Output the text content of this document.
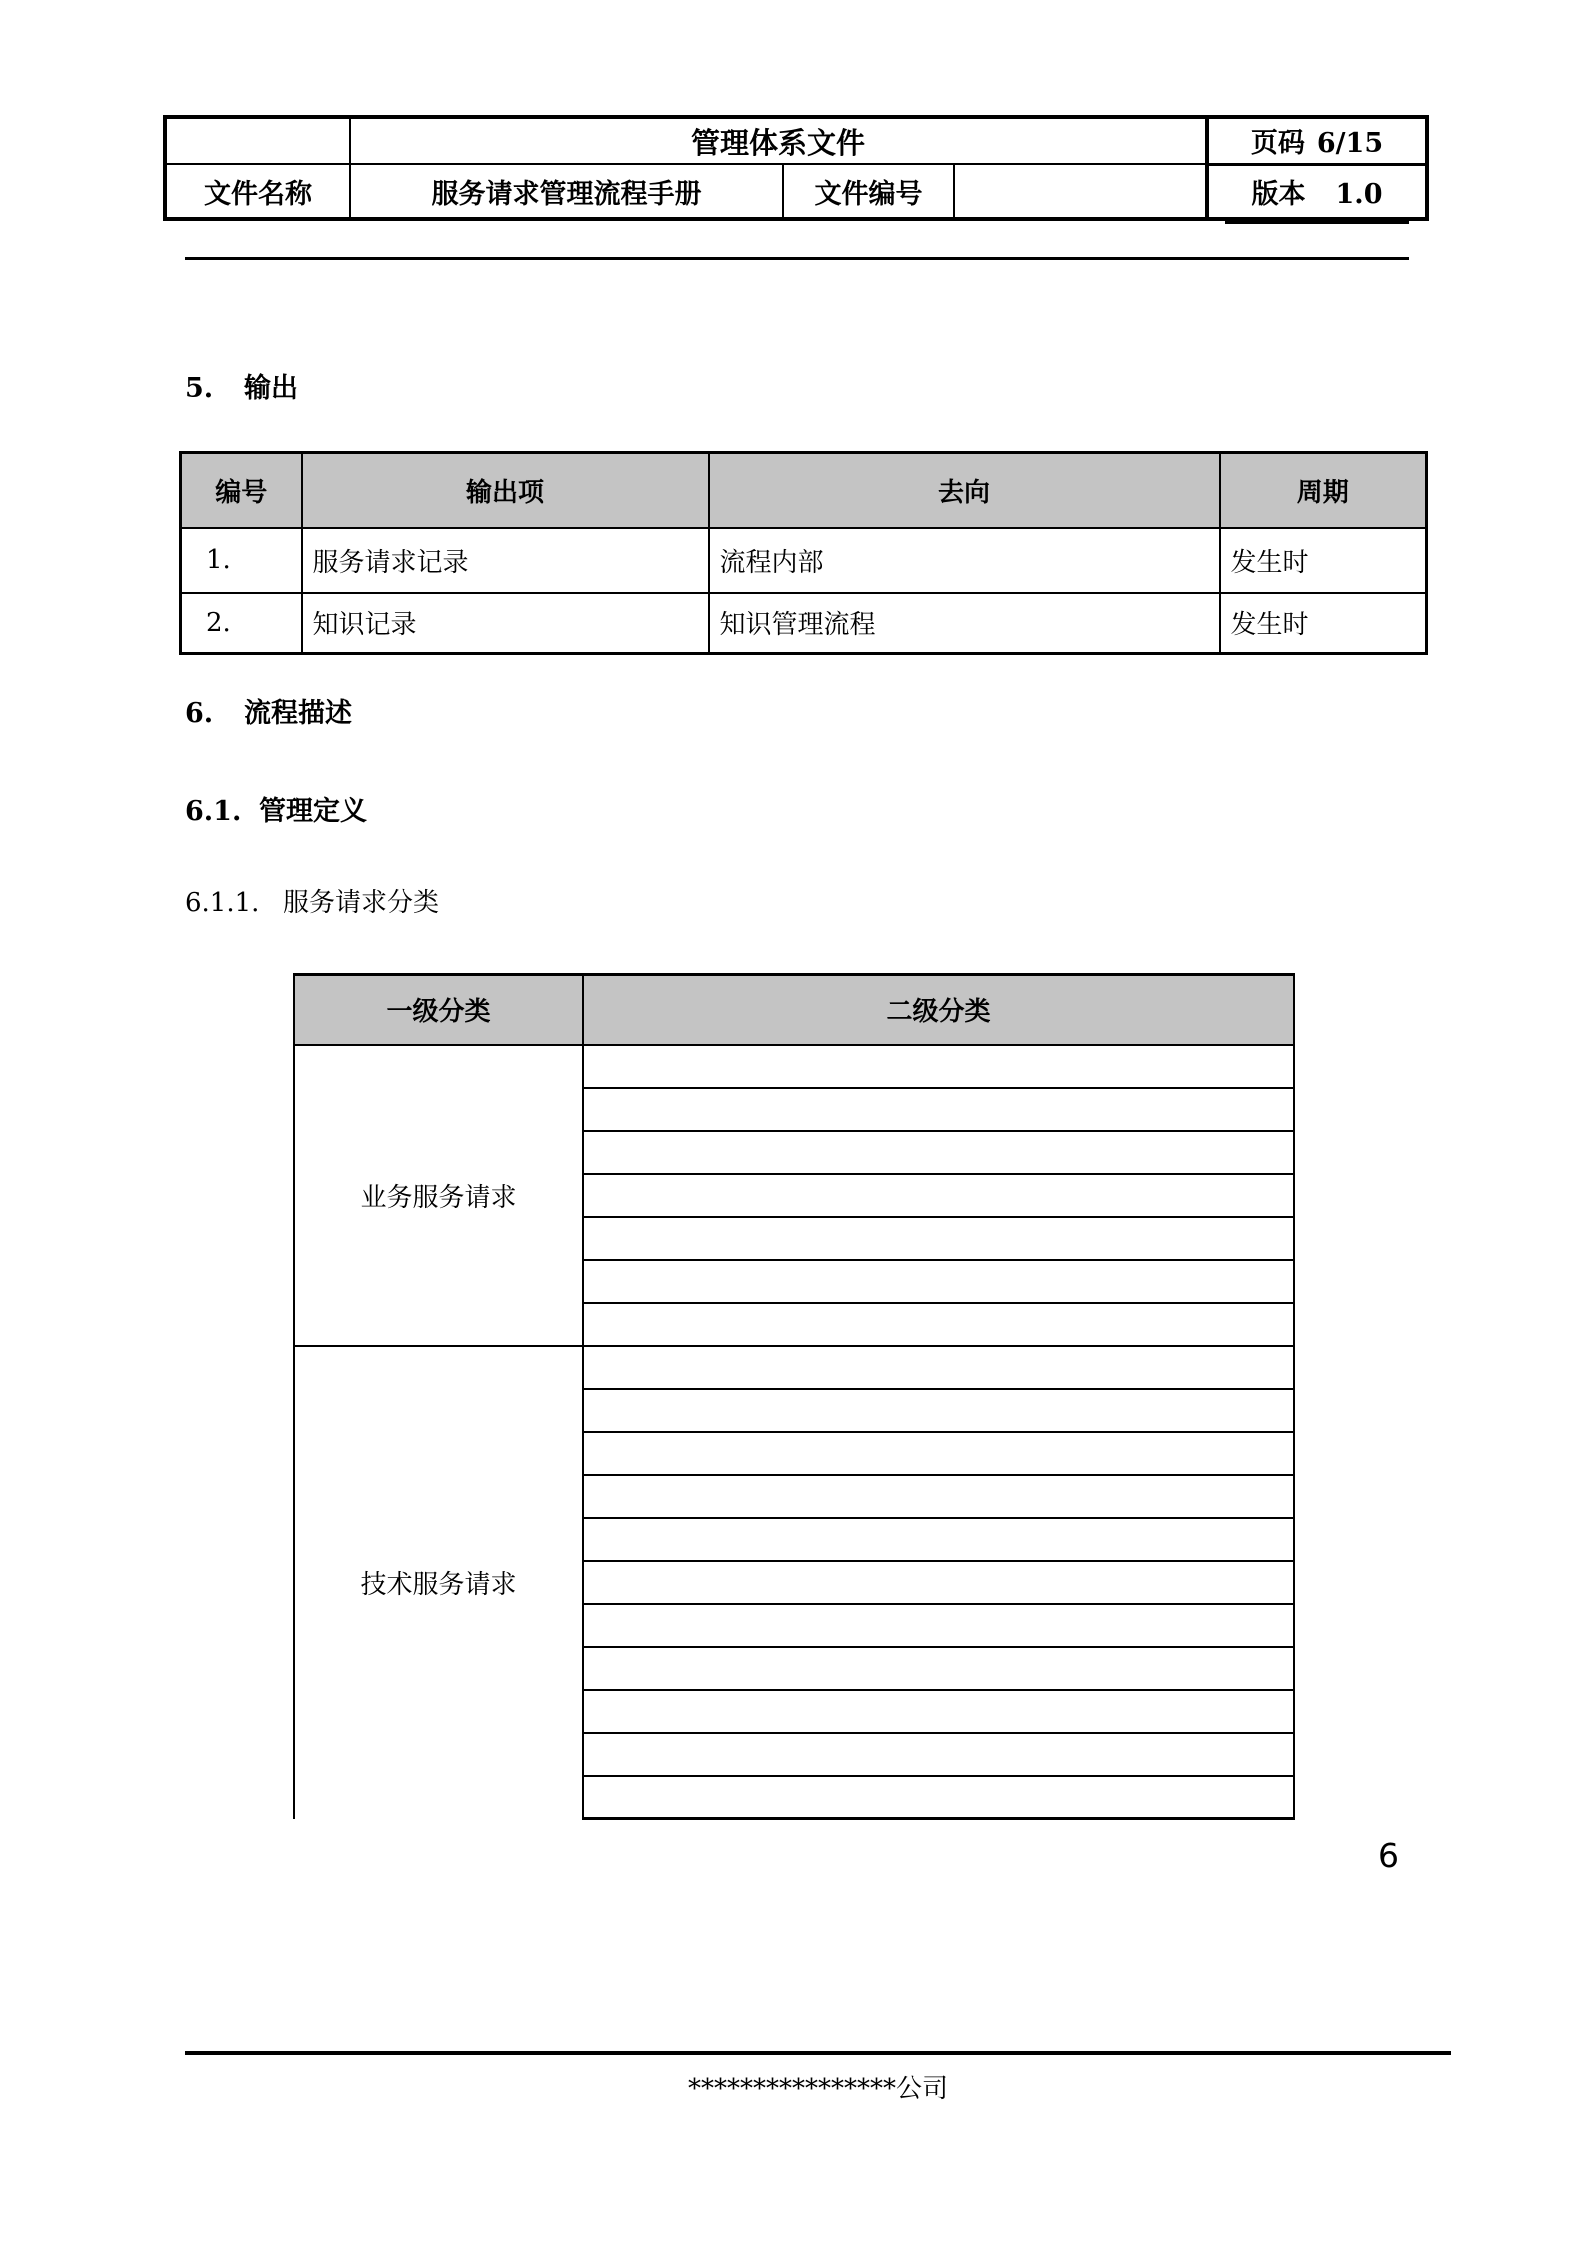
	管理体系文件			页码 6/15
文件名称	服务请求管理流程手册	文件编号		版本 1.0
5. 输出
编号	输出项	去向	周期
1.	服务请求记录	流程内部	发生时
2.	知识记录	知识管理流程	发生时
6. 流程描述
6.1. 管理定义
6.1.1. 服务请求分类
一级分类	二级分类
业务服务请求	

技术服务请求	

6
****************公司
